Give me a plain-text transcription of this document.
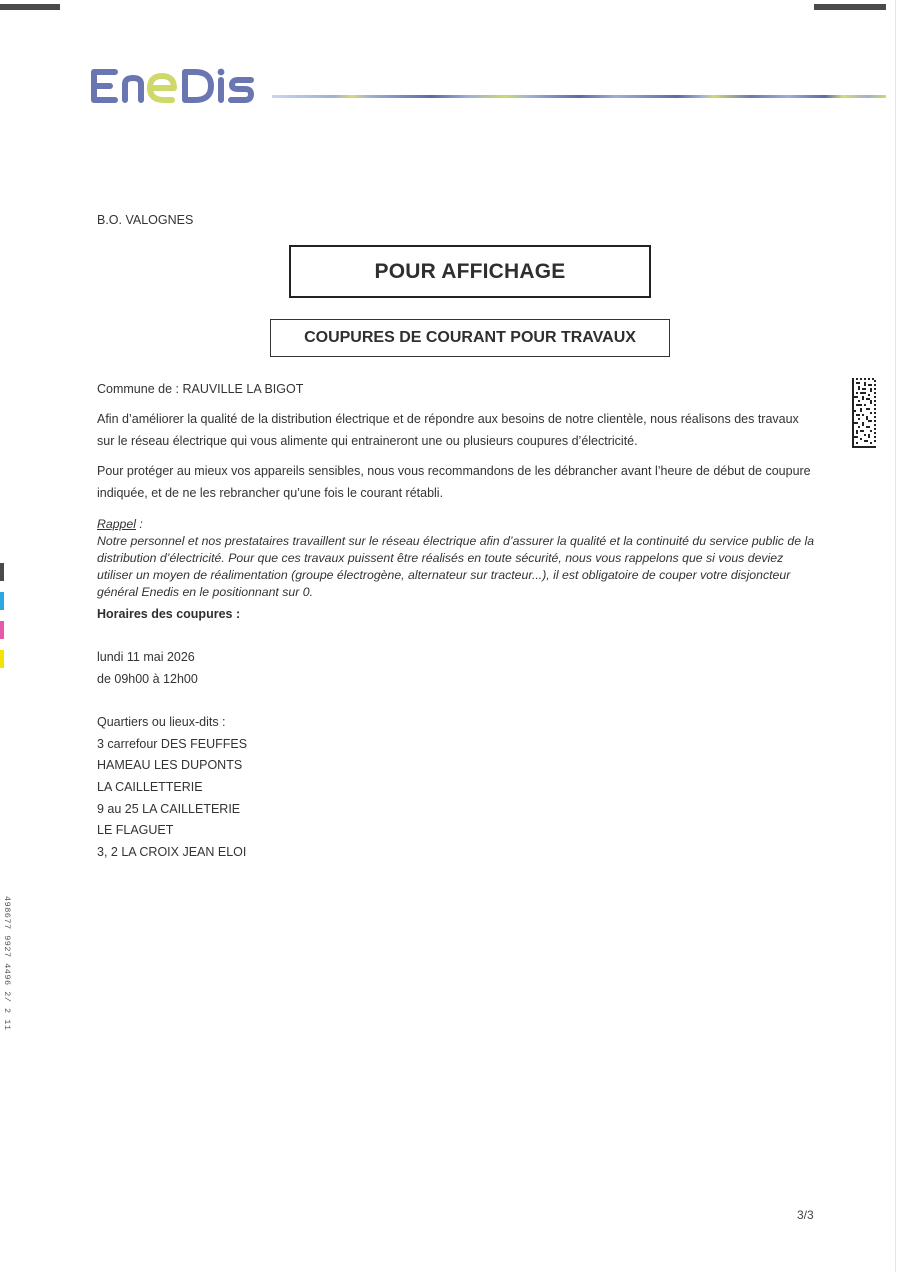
B.O. VALOGNES
POUR AFFICHAGE
COUPURES DE COURANT POUR TRAVAUX
Commune de : RAUVILLE LA BIGOT
Afin d’améliorer la qualité de la distribution électrique et de répondre aux besoins de notre clientèle, nous réalisons des travaux sur le réseau électrique qui vous alimente qui entraineront une ou plusieurs coupures d’électricité.
Pour protéger au mieux vos appareils sensibles, nous vous recommandons de les débrancher avant l’heure de début de coupure indiquée, et de ne les rebrancher qu’une fois le courant rétabli.
Rappel :
Notre personnel et nos prestataires travaillent sur le réseau électrique afin d’assurer la qualité et la continuité du service public de la distribution d’électricité. Pour que ces travaux puissent être réalisés en toute sécurité, nous vous rappelons que si vous deviez utiliser un moyen de réalimentation (groupe électrogène, alternateur sur tracteur...), il est obligatoire de couper votre disjoncteur général Enedis en le positionnant sur 0.
Horaires des coupures :
lundi 11 mai 2026
de 09h00 à 12h00
Quartiers ou lieux-dits :
3 carrefour DES FEUFFES
HAMEAU LES DUPONTS
LA CAILLETTERIE
9 au 25 LA CAILLETERIE
LE FLAGUET
3, 2 LA CROIX JEAN ELOI
498677 9927 4496 2/ 2 11
3/3
